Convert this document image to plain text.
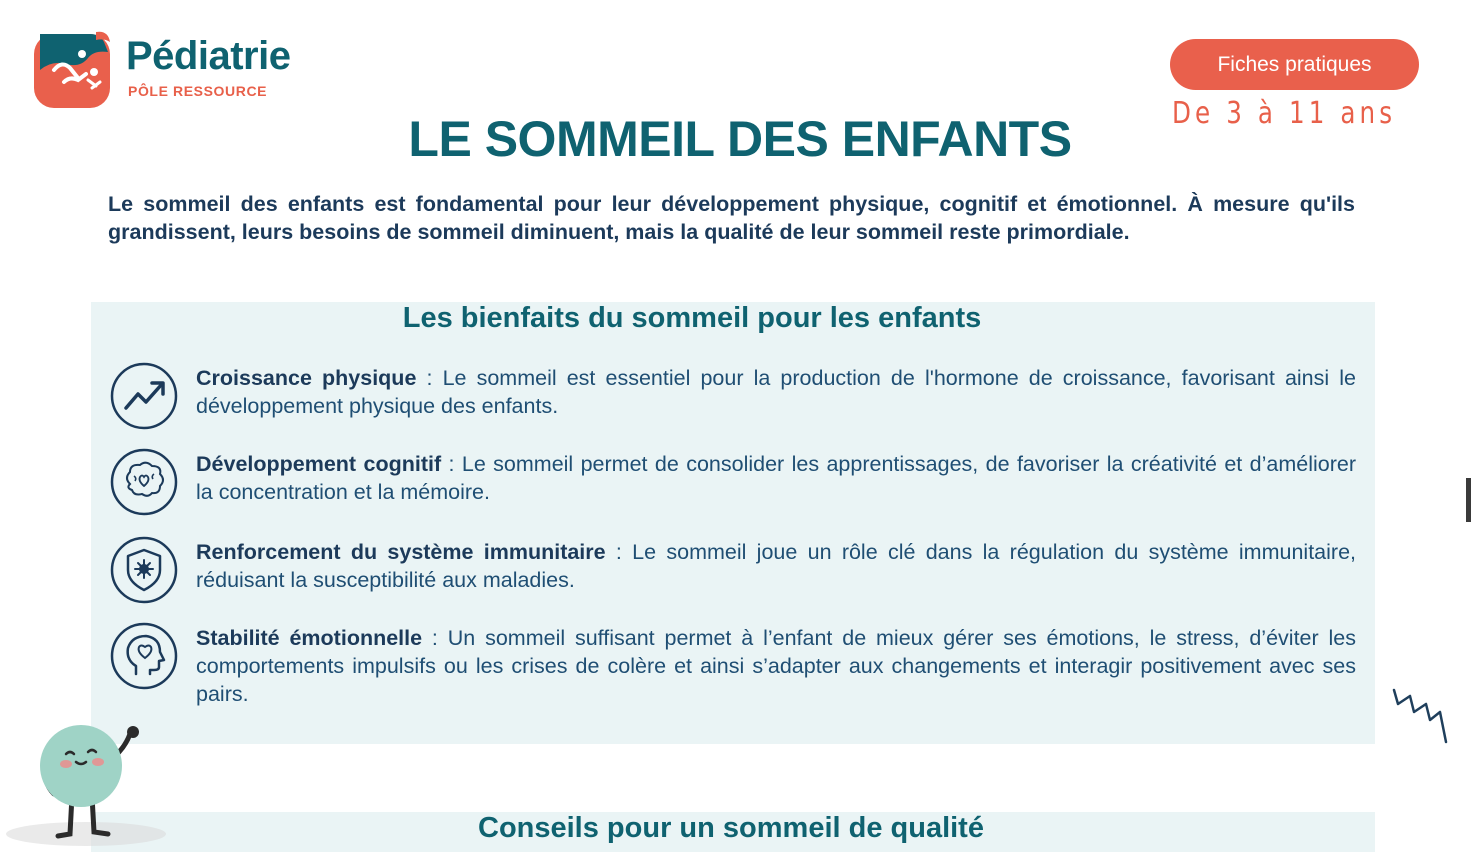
Pédiatrie
PÔLE RESSOURCE
Fiches pratiques
De 3 à 11 ans
LE SOMMEIL DES ENFANTS
Le sommeil des enfants est fondamental pour leur développement physique, cognitif et émotionnel. À mesure qu'ils grandissent, leurs besoins de sommeil diminuent, mais la qualité de leur sommeil reste primordiale.
Les bienfaits du sommeil pour les enfants
Croissance physique : Le sommeil est essentiel pour la production de l'hormone de croissance, favorisant ainsi le développement physique des enfants.
Développement cognitif : Le sommeil permet de consolider les apprentissages, de favoriser la créativité et d’améliorer la concentration et la mémoire.
Renforcement du système immunitaire : Le sommeil joue un rôle clé dans la régulation du système immunitaire, réduisant la susceptibilité aux maladies.
Stabilité émotionnelle : Un sommeil suffisant permet à l’enfant de mieux gérer ses émotions, le stress, d’éviter les comportements impulsifs ou les crises de colère et ainsi s’adapter aux changements et interagir positivement avec ses pairs.
Conseils pour un sommeil de qualité
